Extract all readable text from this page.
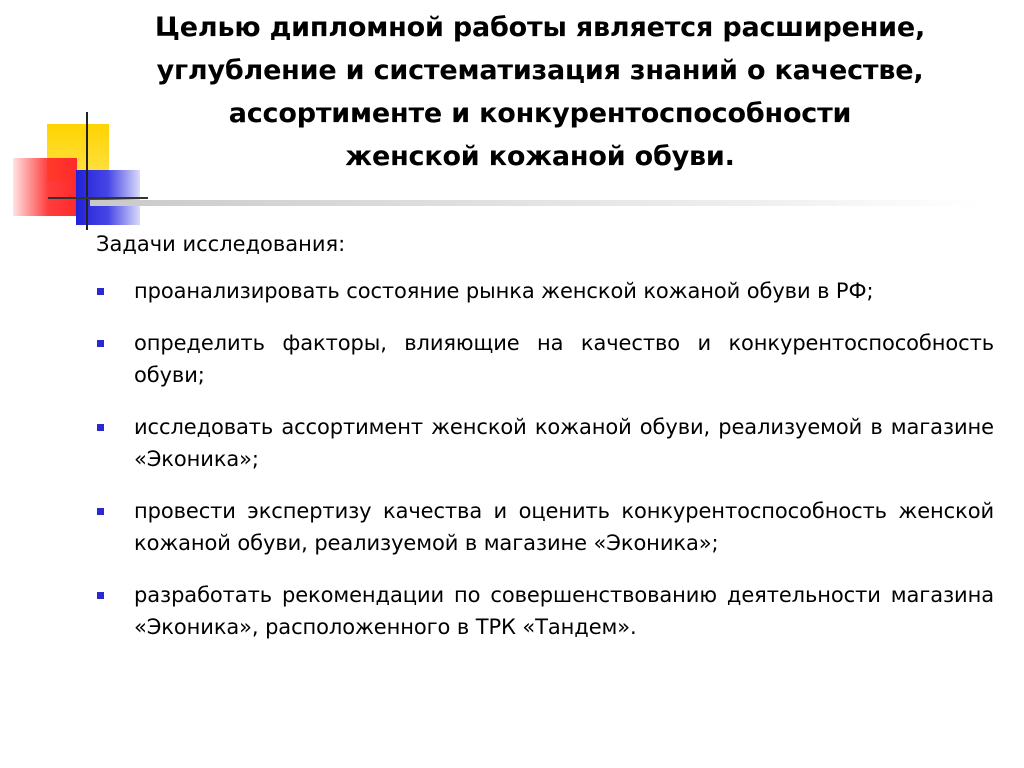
Целью дипломной работы является расширение,
углубление и систематизация знаний о качестве,
ассортименте и конкурентоспособности
женской кожаной обуви.
Задачи исследования:
проанализировать состояние рынка женской кожаной обуви в РФ;
определить факторы, влияющие на качество и конкурентоспособность обуви;
исследовать ассортимент женской кожаной обуви, реализуемой в магазине «Эконика»;
провести экспертизу качества и оценить конкурентоспособность женской кожаной обуви, реализуемой в магазине «Эконика»;
разработать рекомендации по совершенствованию деятельности магазина «Эконика», расположенного в ТРК «Тандем».
